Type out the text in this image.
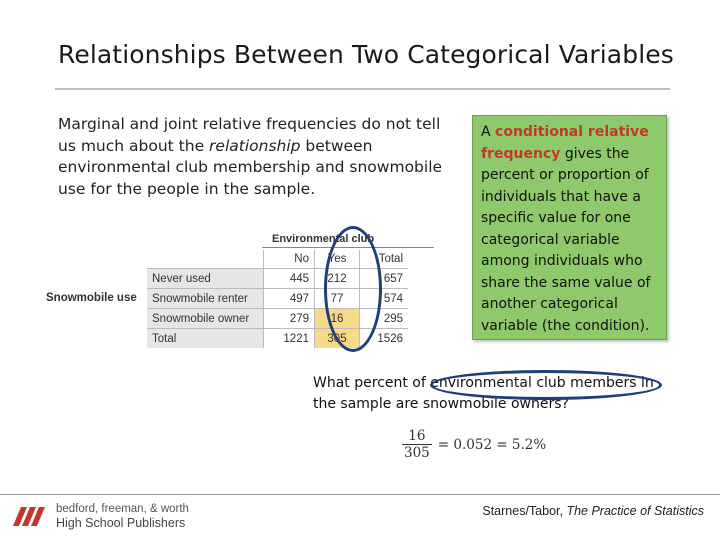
Relationships Between Two Categorical Variables
Marginal and joint relative frequencies do not tell us much about the relationship between environmental club membership and snowmobile use for the people in the sample.
A conditional relative frequency gives the percent or proportion of individuals that have a specific value for one categorical variable among individuals who share the same value of another categorical variable (the condition).
Environmental club
Snowmobile use
	No	Yes	Total
Never used	445	212	657
Snowmobile renter	497	77	574
Snowmobile owner	279	16	295
Total	1221	305	1526
What percent of environmental club members in the sample are snowmobile owners?
$\frac{16}{305} = 0.052 = 5.2\%$
bedford, freeman, & worth
High School Publishers
Starnes/Tabor, The Practice of Statistics
